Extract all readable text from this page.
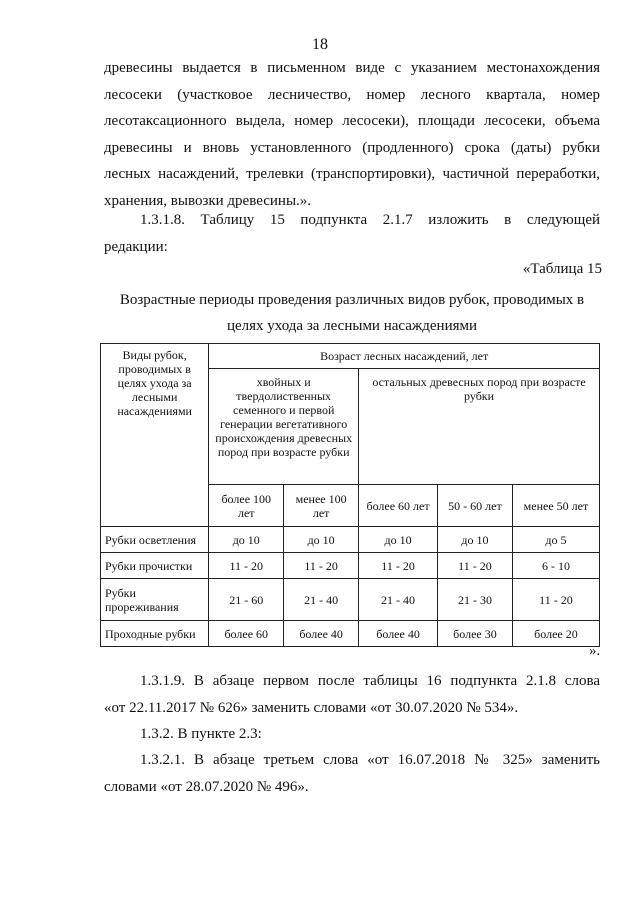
18
древесины выдается в письменном виде с указанием местонахождения
лесосеки (участковое лесничество, номер лесного квартала, номер
лесотаксационного выдела, номер лесосеки), площади лесосеки, объема
древесины и вновь установленного (продленного) срока (даты) рубки
лесных насаждений, трелевки (транспортировки), частичной переработки,
хранения, вывозки древесины.».
1.3.1.8. Таблицу 15 подпункта 2.1.7 изложить в следующей
редакции:
«Таблица 15
Возрастные периоды проведения различных видов рубок, проводимых в
целях ухода за лесными насаждениями
Виды рубок, проводимых в целях ухода за лесными насаждениями	Возраст лесных насаждений, лет				
	хвойных и твердолиственных семенного и первой генерации вегетативного происхождения древесных пород при возрасте рубки		остальных древесных пород при возрасте рубки		
	более 100 лет	менее 100 лет	более 60 лет	50 - 60 лет	менее 50 лет
Рубки осветления	до 10	до 10	до 10	до 10	до 5
Рубки прочистки	11 - 20	11 - 20	11 - 20	11 - 20	6 - 10
Рубки прореживания	21 - 60	21 - 40	21 - 40	21 - 30	11 - 20
Проходные рубки	более 60	более 40	более 40	более 30	более 20
».
1.3.1.9. В абзаце первом после таблицы 16 подпункта 2.1.8 слова
«от 22.11.2017 № 626» заменить словами «от 30.07.2020 № 534».
1.3.2. В пункте 2.3:
1.3.2.1. В абзаце третьем слова «от 16.07.2018 № 325» заменить
словами «от 28.07.2020 № 496».
